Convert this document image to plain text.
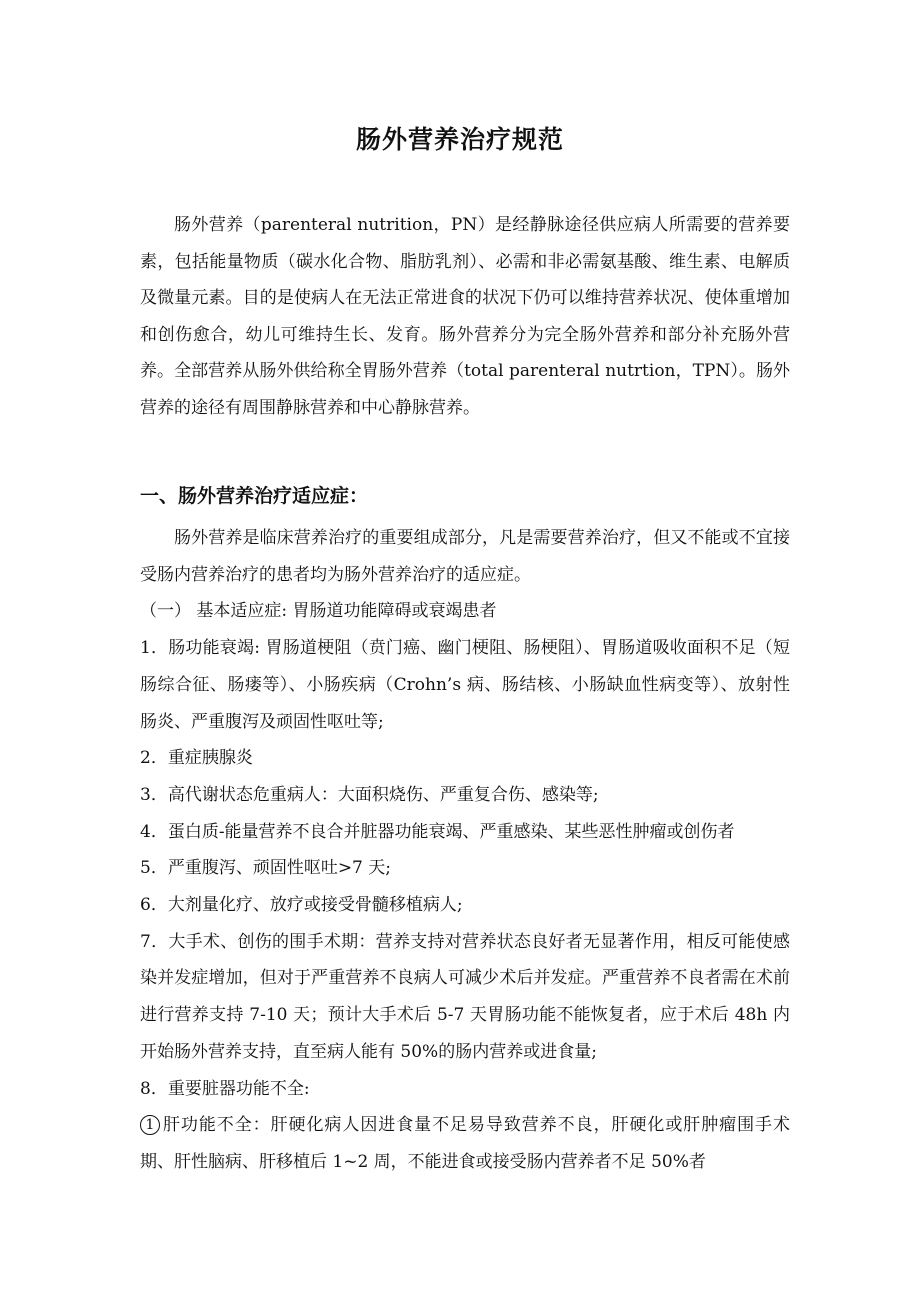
肠外营养治疗规范

肠外营养（parenteral nutrition，PN）是经静脉途径供应病人所需要的营养要素，包括能量物质（碳水化合物、脂肪乳剂）、必需和非必需氨基酸、维生素、电解质及微量元素。目的是使病人在无法正常进食的状况下仍可以维持营养状况、使体重增加和创伤愈合，幼儿可维持生长、发育。肠外营养分为完全肠外营养和部分补充肠外营养。全部营养从肠外供给称全胃肠外营养（total parenteral nutrtion，TPN）。肠外营养的途径有周围静脉营养和中心静脉营养。

一、肠外营养治疗适应症：

肠外营养是临床营养治疗的重要组成部分，凡是需要营养治疗，但又不能或不宜接受肠内营养治疗的患者均为肠外营养治疗的适应症。

（一） 基本适应症: 胃肠道功能障碍或衰竭患者

1．肠功能衰竭: 胃肠道梗阻（贲门癌、幽门梗阻、肠梗阻）、胃肠道吸收面积不足（短肠综合征、肠瘘等）、小肠疾病（Crohn’s 病、肠结核、小肠缺血性病变等）、放射性肠炎、严重腹泻及顽固性呕吐等;

2．重症胰腺炎

3．高代谢状态危重病人：大面积烧伤、严重复合伤、感染等;

4．蛋白质-能量营养不良合并脏器功能衰竭、严重感染、某些恶性肿瘤或创伤者

5．严重腹泻、顽固性呕吐>7 天;

6．大剂量化疗、放疗或接受骨髓移植病人;

7．大手术、创伤的围手术期：营养支持对营养状态良好者无显著作用，相反可能使感染并发症增加，但对于严重营养不良病人可减少术后并发症。严重营养不良者需在术前进行营养支持 7-10 天；预计大手术后 5-7 天胃肠功能不能恢复者，应于术后 48h 内开始肠外营养支持，直至病人能有 50%的肠内营养或进食量;

8．重要脏器功能不全:

1 肝功能不全：肝硬化病人因进食量不足易导致营养不良，肝硬化或肝肿瘤围手术期、肝性脑病、肝移植后 1~2 周，不能进食或接受肠内营养者不足 50%者
